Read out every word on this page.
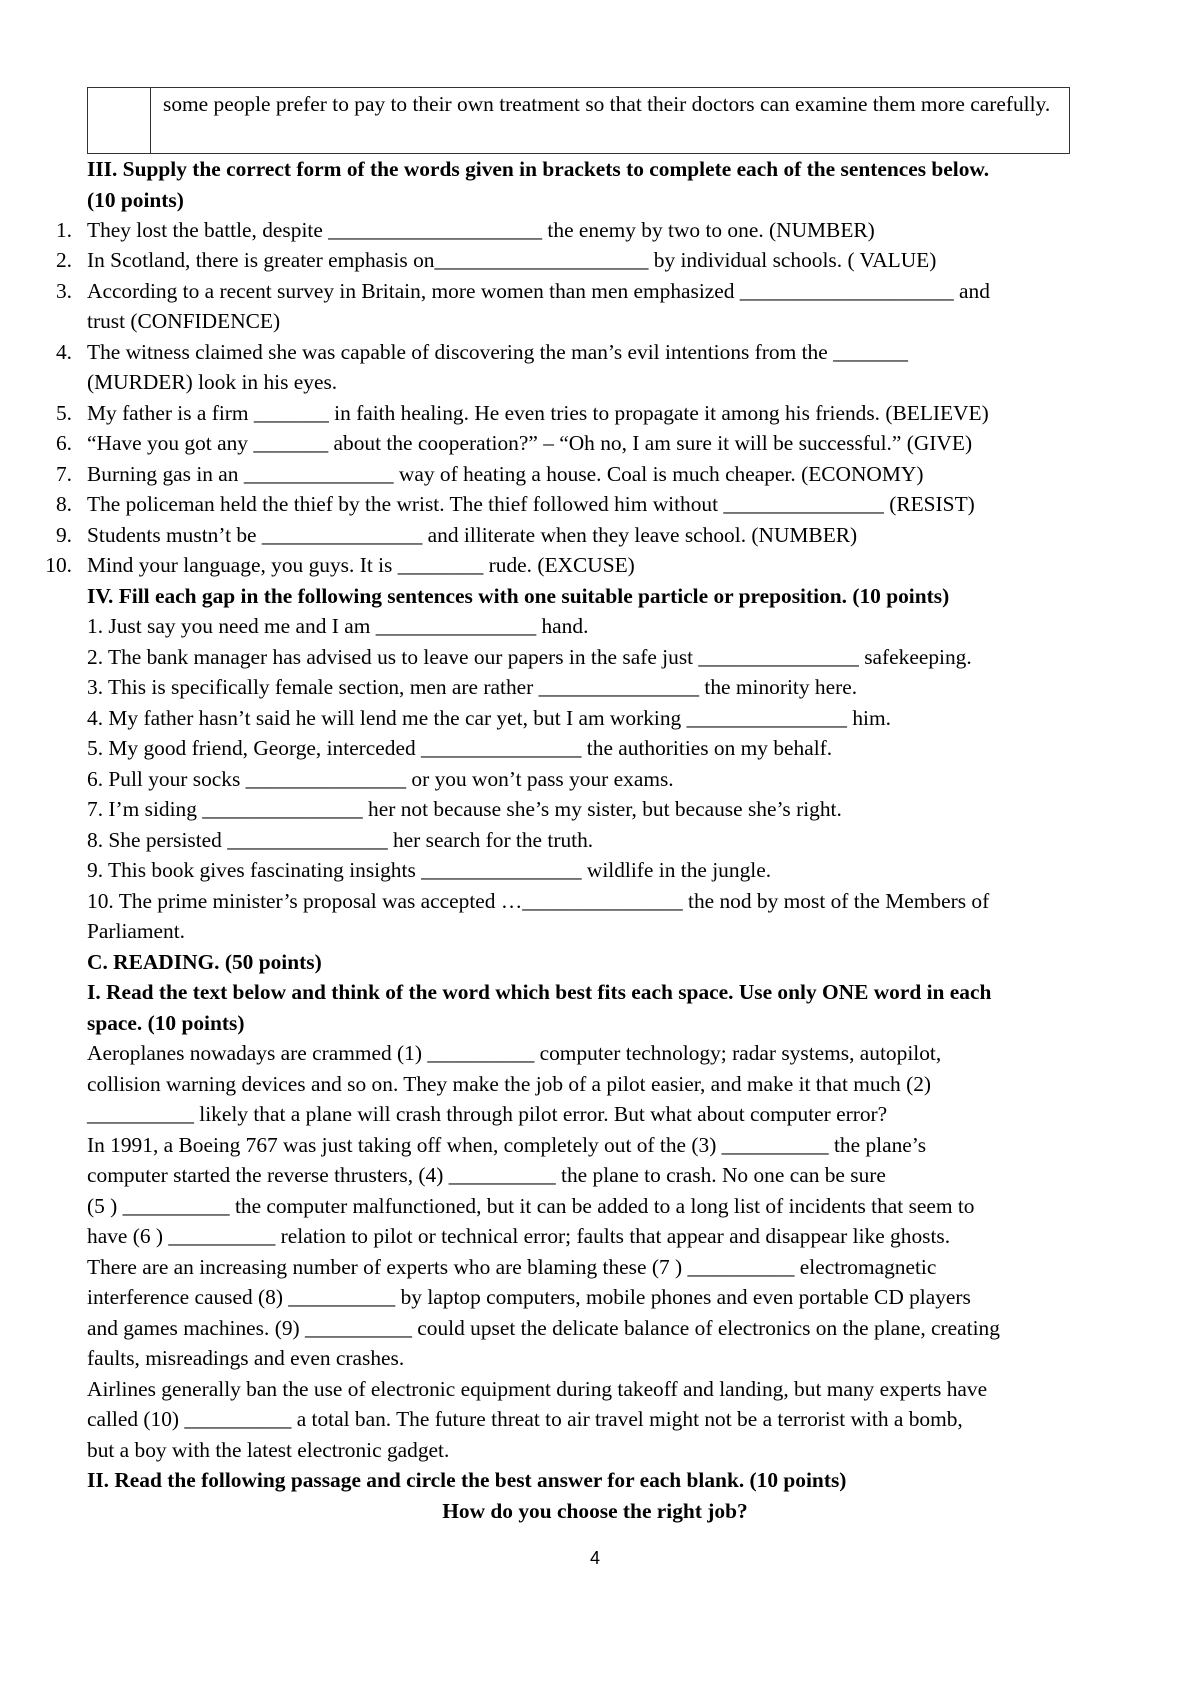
some people prefer to pay to their own treatment so that their doctors can examine them more carefully.
III. Supply the correct form of the words given in brackets to complete each of the sentences below.
(10 points)
1. They lost the battle, despite ____________________ the enemy by two to one. (NUMBER)
2. In Scotland, there is greater emphasis on____________________ by individual schools. ( VALUE)
3. According to a recent survey in Britain, more women than men emphasized ____________________ and
trust (CONFIDENCE)
4. The witness claimed she was capable of discovering the man’s evil intentions from the _______
(MURDER) look in his eyes.
5. My father is a firm _______ in faith healing. He even tries to propagate it among his friends. (BELIEVE)
6. “Have you got any _______ about the cooperation?” – “Oh no, I am sure it will be successful.” (GIVE)
7. Burning gas in an ______________ way of heating a house. Coal is much cheaper. (ECONOMY)
8. The policeman held the thief by the wrist. The thief followed him without _______________ (RESIST)
9. Students mustn’t be _______________ and illiterate when they leave school. (NUMBER)
10. Mind your language, you guys. It is ________ rude. (EXCUSE)
IV. Fill each gap in the following sentences with one suitable particle or preposition. (10 points)
1. Just say you need me and I am _______________ hand.
2. The bank manager has advised us to leave our papers in the safe just _______________ safekeeping.
3. This is specifically female section, men are rather _______________ the minority here.
4. My father hasn’t said he will lend me the car yet, but I am working _______________ him.
5. My good friend, George, interceded _______________ the authorities on my behalf.
6. Pull your socks _______________ or you won’t pass your exams.
7. I’m siding _______________ her not because she’s my sister, but because she’s right.
8. She persisted _______________ her search for the truth.
9. This book gives fascinating insights _______________ wildlife in the jungle.
10. The prime minister’s proposal was accepted …_______________ the nod by most of the Members of
Parliament.
C. READING. (50 points)
I. Read the text below and think of the word which best fits each space. Use only ONE word in each
space. (10 points)
Aeroplanes nowadays are crammed (1) __________ computer technology; radar systems, autopilot,
collision warning devices and so on. They make the job of a pilot easier, and make it that much (2)
__________ likely that a plane will crash through pilot error. But what about computer error?
In 1991, a Boeing 767 was just taking off when, completely out of the (3) __________ the plane’s
computer started the reverse thrusters, (4) __________ the plane to crash. No one can be sure
(5 ) __________ the computer malfunctioned, but it can be added to a long list of incidents that seem to
have (6 ) __________ relation to pilot or technical error; faults that appear and disappear like ghosts.
There are an increasing number of experts who are blaming these (7 ) __________ electromagnetic
interference caused (8) __________ by laptop computers, mobile phones and even portable CD players
and games machines. (9) __________ could upset the delicate balance of electronics on the plane, creating
faults, misreadings and even crashes.
Airlines generally ban the use of electronic equipment during takeoff and landing, but many experts have
called (10) __________ a total ban. The future threat to air travel might not be a terrorist with a bomb,
but a boy with the latest electronic gadget.
II. Read the following passage and circle the best answer for each blank. (10 points)
How do you choose the right job?
4
